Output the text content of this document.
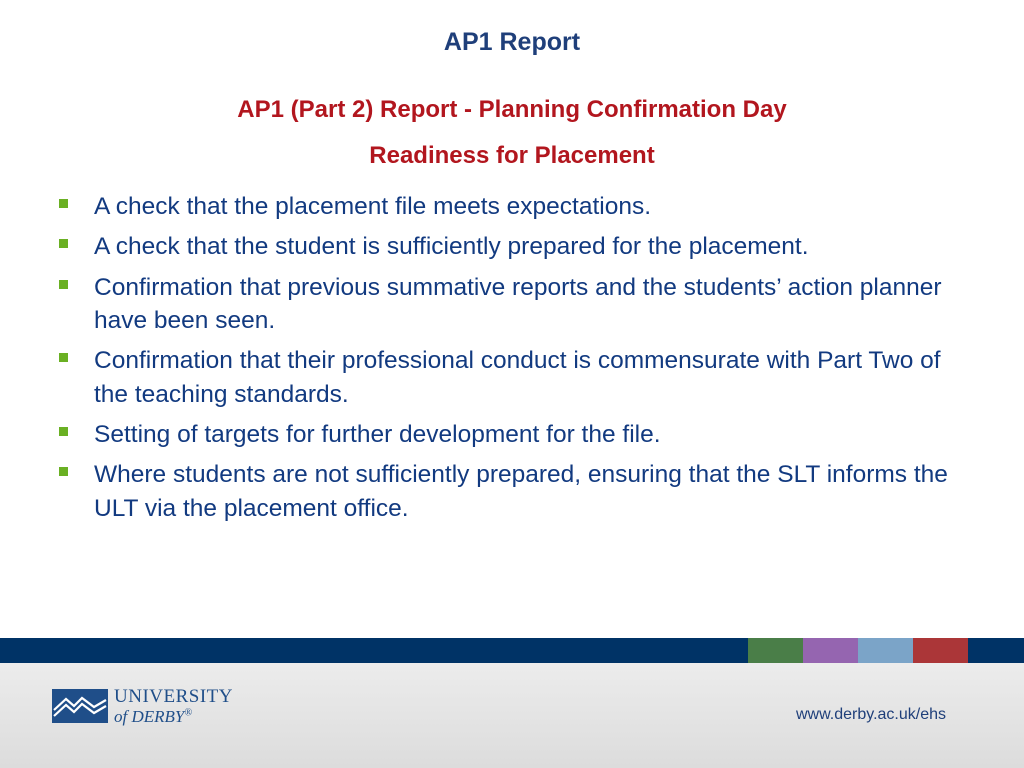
AP1 Report
AP1 (Part 2) Report - Planning Confirmation Day
Readiness for Placement
A check that the placement file meets expectations.
A check that the student is sufficiently prepared for the placement.
Confirmation that previous summative reports and the students’ action planner have been seen.
Confirmation that their professional conduct is commensurate with Part Two of the teaching standards.
Setting of targets for further development for the file.
Where students are not sufficiently prepared, ensuring that the SLT informs the ULT via the placement office.
UNIVERSITY
of DERBY®	www.derby.ac.uk/ehs
